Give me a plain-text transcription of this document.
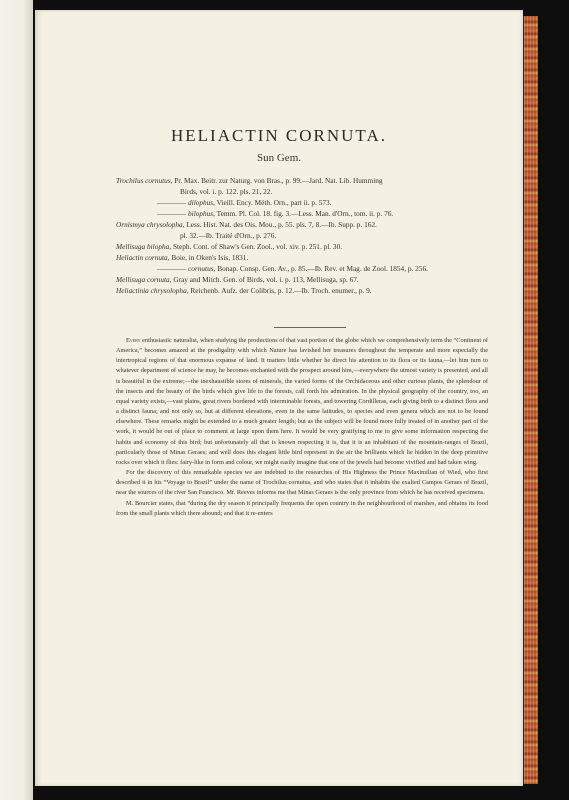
HELIACTIN CORNUTA.
Sun Gem.
Trochilus cornutus, Pr. Max. Beitr. zur Naturg. von Bras., p. 99.—Jard. Nat. Lib. Humming
Birds, vol. i. p. 122. pls. 21, 22.
———— dilophus, Vieill. Ency. Méth. Orn., part ii. p. 573.
———— bilophus, Temm. Pl. Col. 18. fig. 3.—Less. Man. d'Orn., tom. ii. p. 76.
Ornismya chrysolopha, Less. Hist. Nat. des Ois. Mou., p. 55. pls. 7, 8.—Ib. Supp. p. 162.
pl. 32.—Ib. Traité d'Orn., p. 276.
Mellisuga bilopha, Steph. Cont. of Shaw's Gen. Zool., vol. xiv. p. 251. pl. 30.
Heliactin cornuta, Boie, in Oken's Isis, 1831.
———— cornutus, Bonap. Consp. Gen. Av., p. 85.—Ib. Rev. et Mag. de Zool. 1854, p. 256.
Mellisuga cornuta, Gray and Mitch. Gen. of Birds, vol. i. p. 113, Mellisuga, sp. 67.
Heliactinia chrysolopha, Reichenb. Aufz. der Colibris, p. 12.—Ib. Troch. enumer., p. 9.

Every enthusiastic naturalist, when studying the productions of that vast portion of the globe which we comprehensively term the “Continent of America,” becomes amazed at the prodigality with which Nature has lavished her treasures throughout the temperate and more especially the intertropical regions of that enormous expanse of land. It matters little whether he direct his attention to its flora or its fauna,—let him turn to whatever department of science he may, he becomes enchanted with the prospect around him,—everywhere the utmost variety is presented, and all is beautiful in the extreme;—the inexhaustible stores of minerals, the varied forms of the Orchidaceous and other curious plants, the splendour of the insects and the beauty of the birds which give life to the forests, call forth his admiration. In the physical geography of the country, too, an equal variety exists,—vast plains, great rivers bordered with interminable forests, and towering Cordilleras, each giving birth to a distinct flora and a distinct fauna; and not only so, but at different elevations, even in the same latitudes, to species and even genera which are not to be found elsewhere. These remarks might be extended to a much greater length; but as the subject will be found more fully treated of in another part of the work, it would be out of place to comment at large upon them here. It would be very gratifying to me to give some information respecting the habits and economy of this bird; but unfortunately all that is known respecting it is, that it is an inhabitant of the mountain-ranges of Brazil, particularly those of Minas Geraes; and well does this elegant little bird represent in the air the brilliants which lie hidden in the deep primitive rocks over which it flies: fairy-like in form and colour, we might easily imagine that one of the jewels had become vivified and had taken wing.

For the discovery of this remarkable species we are indebted to the researches of His Highness the Prince Maximilian of Wied, who first described it in his “Voyage to Brazil” under the name of Trochilus cornutus, and who states that it inhabits the exalted Campos Geraes of Brazil, near the sources of the river San Francisco. Mr. Reeves informs me that Minas Geraes is the only province from which he has received specimens.

M. Bourcier states, that “during the dry season it principally frequents the open country in the neighbourhood of marshes, and obtains its food from the small plants which there abound; and that it re-enters
